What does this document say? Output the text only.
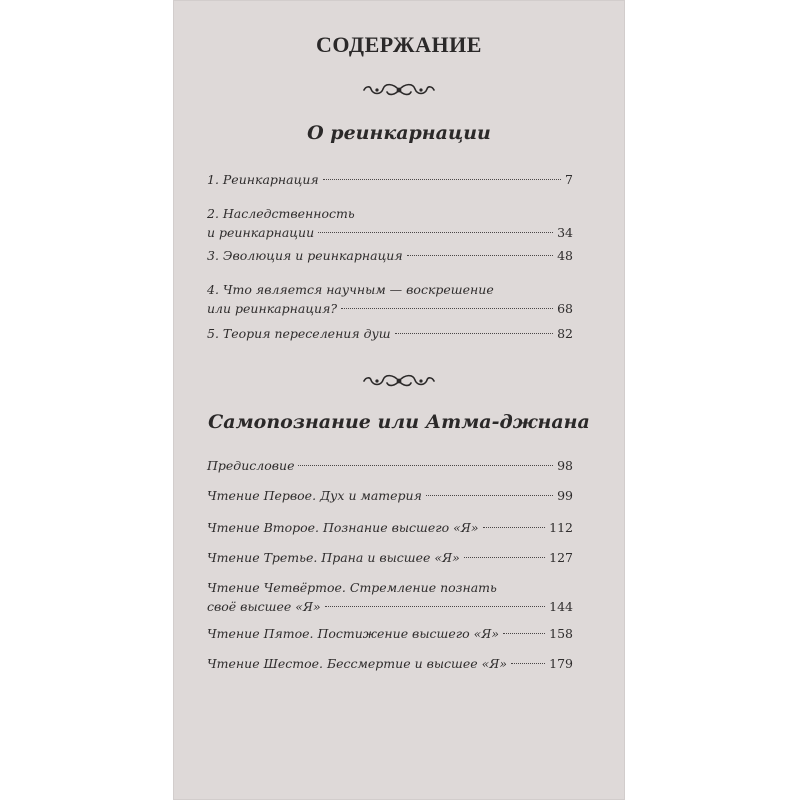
СОДЕРЖАНИЕ
О реинкарнации
1. Реинкарнация	7
2. Наследственность
и реинкарнации	34
3. Эволюция и реинкарнация	48
4. Что является научным — воскрешение
или реинкарнация?	68
5. Теория переселения душ	82
Самопознание или Атма-джнана
Предисловие	98
Чтение Первое. Дух и материя	99
Чтение Второе. Познание высшего «Я»	112
Чтение Третье. Прана и высшее «Я»	127
Чтение Четвёртое. Стремление познать
своё высшее «Я»	144
Чтение Пятое. Постижение высшего «Я»	158
Чтение Шестое. Бессмертие и высшее «Я»	179
